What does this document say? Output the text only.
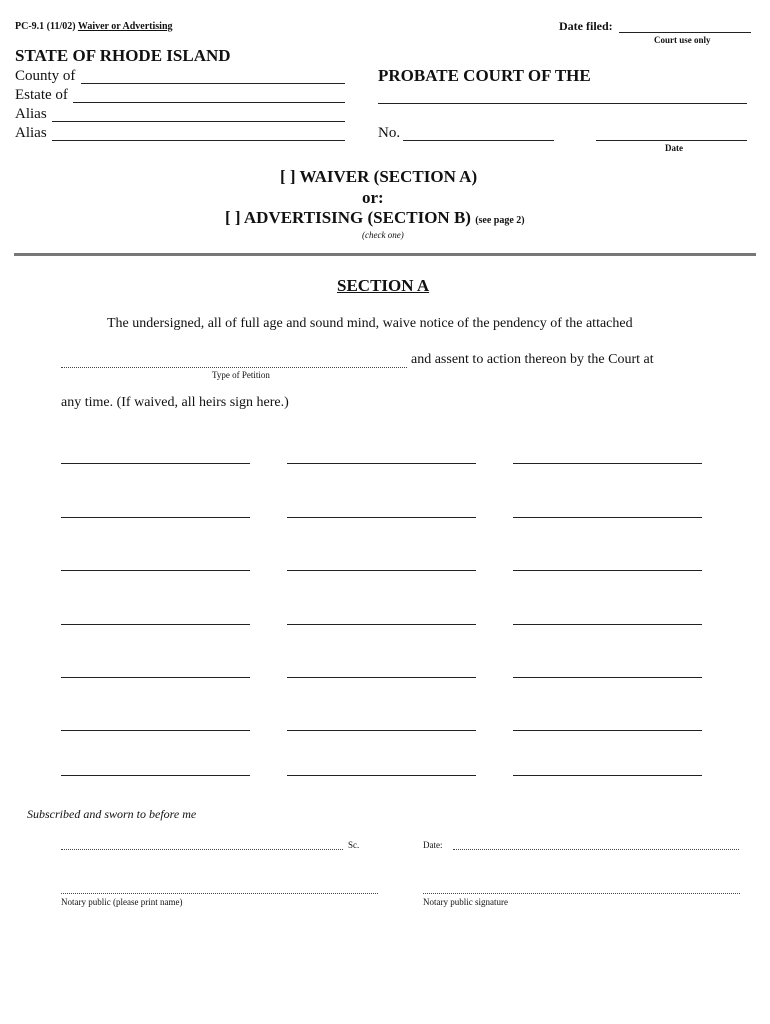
PC-9.1 (11/02) Waiver or Advertising	Date filed:
Court use only
STATE OF RHODE ISLAND
County of
Estate of
Alias
Alias
PROBATE COURT OF THE
No.
Date
[ ] WAIVER (SECTION A)
or:
[ ] ADVERTISING (SECTION B) (see page 2)
(check one)
SECTION A
The undersigned, all of full age and sound mind, waive notice of the pendency of the attached
and assent to action thereon by the Court at
Type of Petition
any time. (If waived, all heirs sign here.)
Subscribed and sworn to before me
Sc.	Date:
Notary public (please print name)	Notary public signature
